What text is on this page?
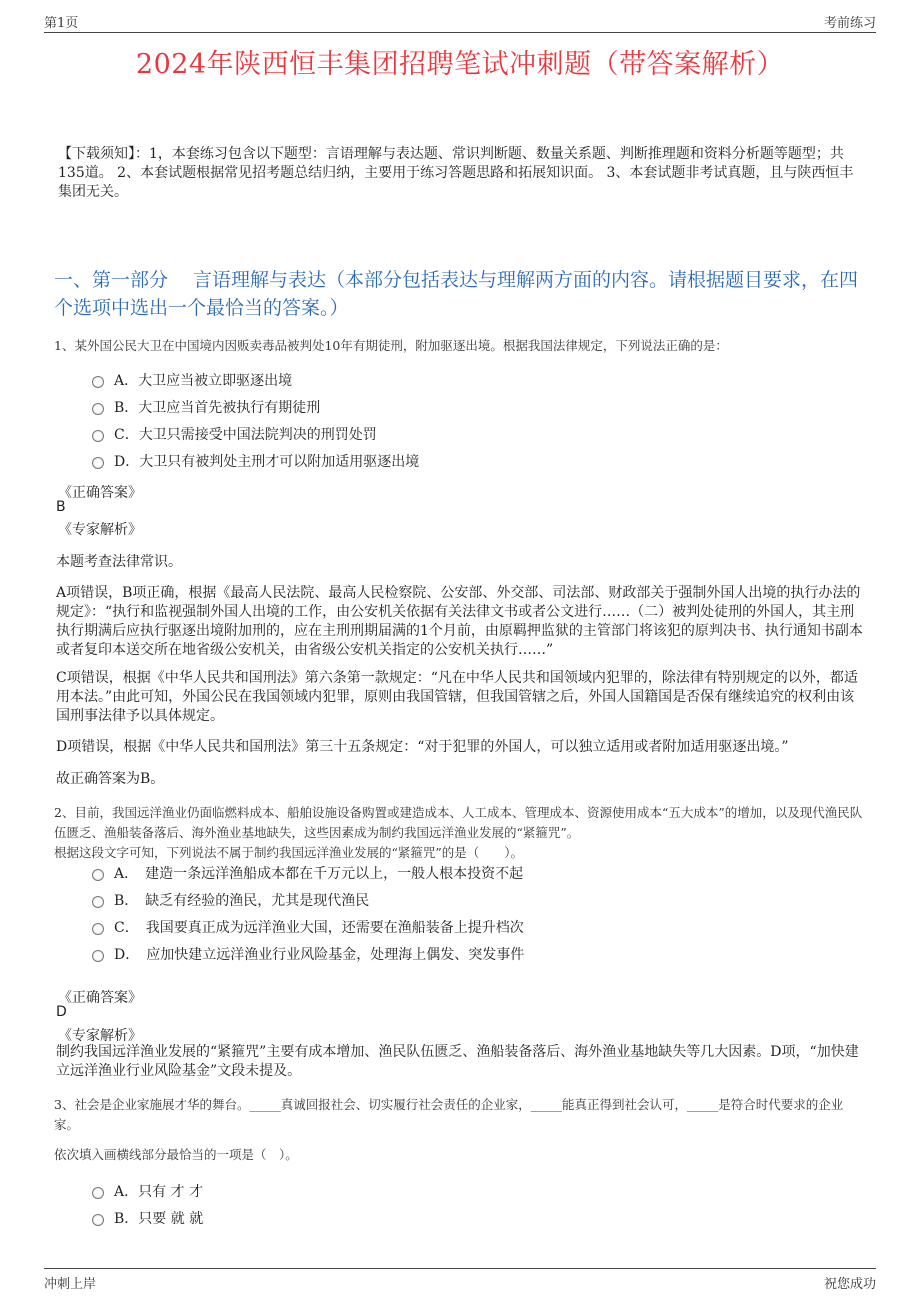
第1页	考前练习
2024年陕西恒丰集团招聘笔试冲刺题（带答案解析）
【下载须知】：1，本套练习包含以下题型：言语理解与表达题、常识判断题、数量关系题、判断推理题和资料分析题等题型；共135道。 2、本套试题根据常见招考题总结归纳，主要用于练习答题思路和拓展知识面。 3、本套试题非考试真题，且与陕西恒丰集团无关。
一、第一部分　 言语理解与表达（本部分包括表达与理解两方面的内容。请根据题目要求，在四个选项中选出一个最恰当的答案。）
1、某外国公民大卫在中国境内因贩卖毒品被判处10年有期徒刑，附加驱逐出境。根据我国法律规定，下列说法正确的是：
A．大卫应当被立即驱逐出境
B．大卫应当首先被执行有期徒刑
C．大卫只需接受中国法院判决的刑罚处罚
D．大卫只有被判处主刑才可以附加适用驱逐出境
《正确答案》
B
《专家解析》
本题考查法律常识。
A项错误，B项正确，根据《最高人民法院、最高人民检察院、公安部、外交部、司法部、财政部关于强制外国人出境的执行办法的规定》：“执行和监视强制外国人出境的工作，由公安机关依据有关法律文书或者公文进行……（二）被判处徒刑的外国人，其主刑执行期满后应执行驱逐出境附加刑的，应在主刑刑期届满的1个月前，由原羁押监狱的主管部门将该犯的原判决书、执行通知书副本或者复印本送交所在地省级公安机关，由省级公安机关指定的公安机关执行……”
C项错误，根据《中华人民共和国刑法》第六条第一款规定：“凡在中华人民共和国领域内犯罪的，除法律有特别规定的以外，都适用本法。”由此可知，外国公民在我国领域内犯罪，原则由我国管辖，但我国管辖之后，外国人国籍国是否保有继续追究的权利由该国刑事法律予以具体规定。
D项错误，根据《中华人民共和国刑法》第三十五条规定：“对于犯罪的外国人，可以独立适用或者附加适用驱逐出境。”
故正确答案为B。
2、目前，我国远洋渔业仍面临燃料成本、船舶设施设备购置或建造成本、人工成本、管理成本、资源使用成本“五大成本”的增加，以及现代渔民队伍匮乏、渔船装备落后、海外渔业基地缺失，这些因素成为制约我国远洋渔业发展的“紧箍咒”。
根据这段文字可知，下列说法不属于制约我国远洋渔业发展的“紧箍咒”的是（　　）。
A．　建造一条远洋渔船成本都在千万元以上，一般人根本投资不起
B．　缺乏有经验的渔民，尤其是现代渔民
C．　我国要真正成为远洋渔业大国，还需要在渔船装备上提升档次
D．　应加快建立远洋渔业行业风险基金，处理海上偶发、突发事件
《正确答案》
D
《专家解析》
制约我国远洋渔业发展的“紧箍咒”主要有成本增加、渔民队伍匮乏、渔船装备落后、海外渔业基地缺失等几大因素。D项，“加快建立远洋渔业行业风险基金”文段未提及。
3、社会是企业家施展才华的舞台。_____真诚回报社会、切实履行社会责任的企业家，_____能真正得到社会认可，_____是符合时代要求的企业家。
依次填入画横线部分最恰当的一项是（　）。
A．只有 才 才
B．只要 就 就
冲刺上岸	祝您成功
